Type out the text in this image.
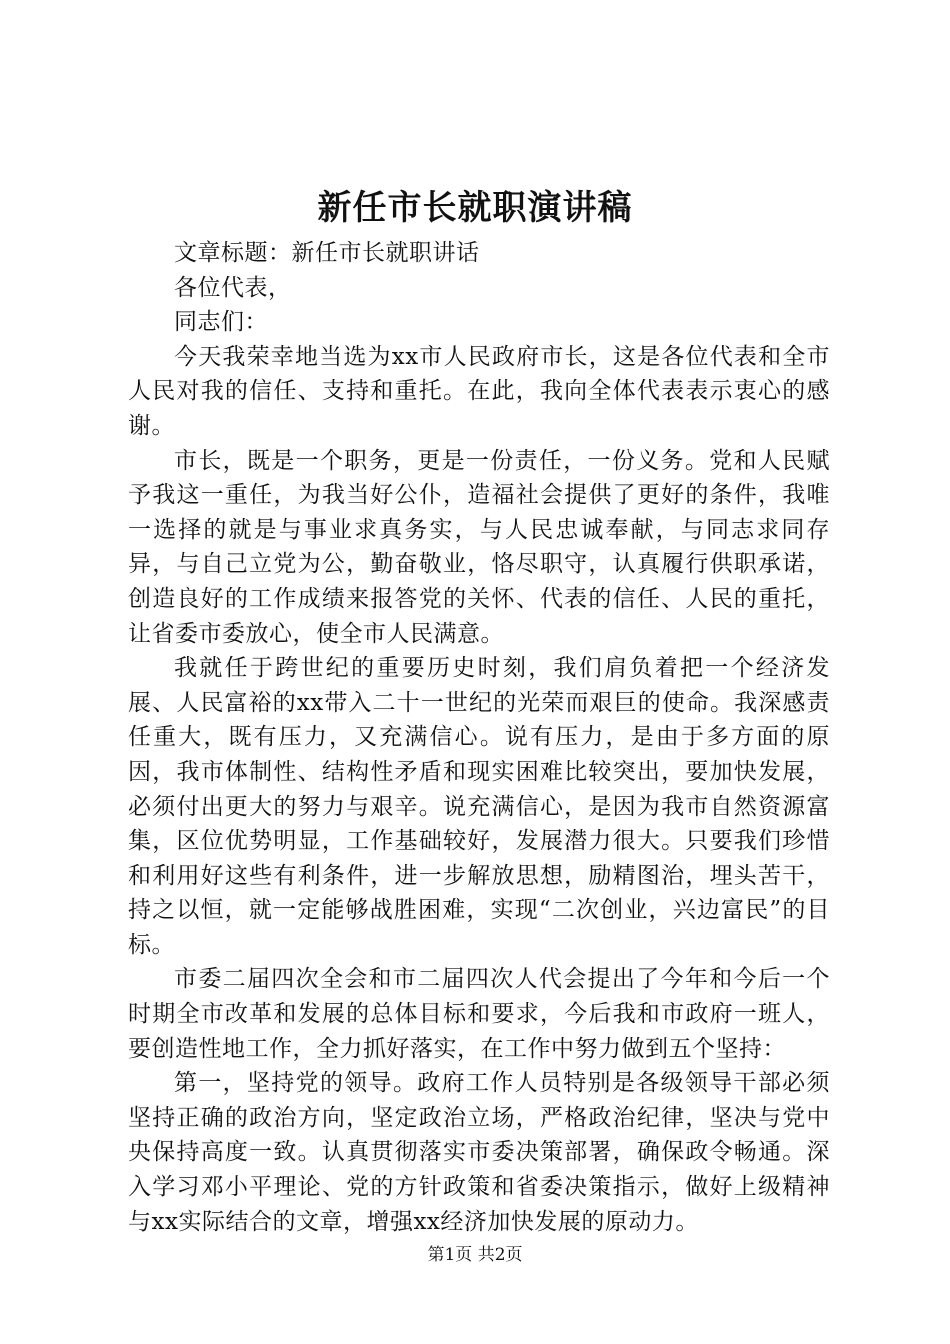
新任市长就职演讲稿

文章标题：新任市长就职讲话

各位代表，

同志们：

今天我荣幸地当选为xx市人民政府市长，这是各位代表和全市人民对我的信任、支持和重托。在此，我向全体代表表示衷心的感谢。

市长，既是一个职务，更是一份责任，一份义务。党和人民赋予我这一重任，为我当好公仆，造福社会提供了更好的条件，我唯一选择的就是与事业求真务实，与人民忠诚奉献，与同志求同存异，与自己立党为公，勤奋敬业，恪尽职守，认真履行供职承诺，创造良好的工作成绩来报答党的关怀、代表的信任、人民的重托，让省委市委放心，使全市人民满意。

我就任于跨世纪的重要历史时刻，我们肩负着把一个经济发展、人民富裕的xx带入二十一世纪的光荣而艰巨的使命。我深感责任重大，既有压力，又充满信心。说有压力，是由于多方面的原因，我市体制性、结构性矛盾和现实困难比较突出，要加快发展，必须付出更大的努力与艰辛。说充满信心，是因为我市自然资源富集，区位优势明显，工作基础较好，发展潜力很大。只要我们珍惜和利用好这些有利条件，进一步解放思想，励精图治，埋头苦干，持之以恒，就一定能够战胜困难，实现“二次创业，兴边富民”的目标。

市委二届四次全会和市二届四次人代会提出了今年和今后一个时期全市改革和发展的总体目标和要求，今后我和市政府一班人，要创造性地工作，全力抓好落实，在工作中努力做到五个坚持：

第一，坚持党的领导。政府工作人员特别是各级领导干部必须坚持正确的政治方向，坚定政治立场，严格政治纪律，坚决与党中央保持高度一致。认真贯彻落实市委决策部署，确保政令畅通。深入学习邓小平理论、党的方针政策和省委决策指示，做好上级精神与xx实际结合的文章，增强xx经济加快发展的原动力。

第1页 共2页
